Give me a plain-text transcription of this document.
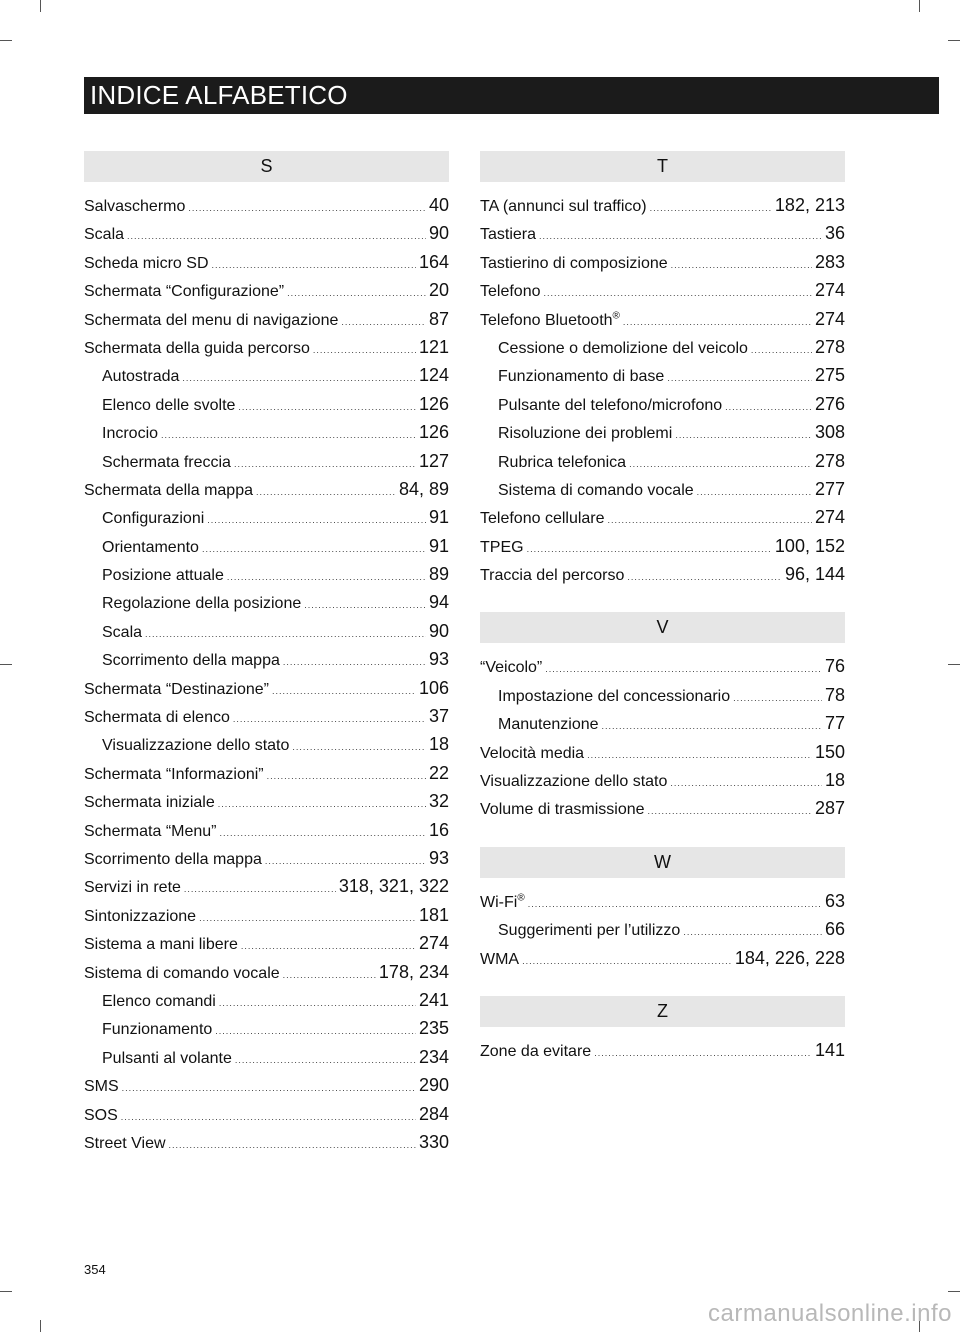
INDICE ALFABETICO
S
Salvaschermo .....	40
Scala .....	90
Scheda micro SD .....	164
Schermata “Configurazione” .....	20
Schermata del menu di navigazione .....	87
Schermata della guida percorso .....	121
Autostrada .....	124
Elenco delle svolte .....	126
Incrocio .....	126
Schermata freccia .....	127
Schermata della mappa .....	84, 89
Configurazioni .....	91
Orientamento .....	91
Posizione attuale .....	89
Regolazione della posizione .....	94
Scala .....	90
Scorrimento della mappa .....	93
Schermata “Destinazione” .....	106
Schermata di elenco .....	37
Visualizzazione dello stato .....	18
Schermata “Informazioni” .....	22
Schermata iniziale .....	32
Schermata “Menu” .....	16
Scorrimento della mappa .....	93
Servizi in rete .....	318, 321, 322
Sintonizzazione .....	181
Sistema a mani libere .....	274
Sistema di comando vocale .....	178, 234
Elenco comandi .....	241
Funzionamento .....	235
Pulsanti al volante .....	234
SMS .....	290
SOS .....	284
Street View .....	330
T
TA (annunci sul traffico) .....	182, 213
Tastiera .....	36
Tastierino di composizione .....	283
Telefono .....	274
Telefono Bluetooth® .....	274
Cessione o demolizione del veicolo .....	278
Funzionamento di base .....	275
Pulsante del telefono/microfono .....	276
Risoluzione dei problemi .....	308
Rubrica telefonica .....	278
Sistema di comando vocale .....	277
Telefono cellulare .....	274
TPEG .....	100, 152
Traccia del percorso .....	96, 144
V
“Veicolo” .....	76
Impostazione del concessionario .....	78
Manutenzione .....	77
Velocità media .....	150
Visualizzazione dello stato .....	18
Volume di trasmissione .....	287
W
Wi-Fi® .....	63
Suggerimenti per l’utilizzo .....	66
WMA .....	184, 226, 228
Z
Zone da evitare .....	141
354
carmanualsonline.info
